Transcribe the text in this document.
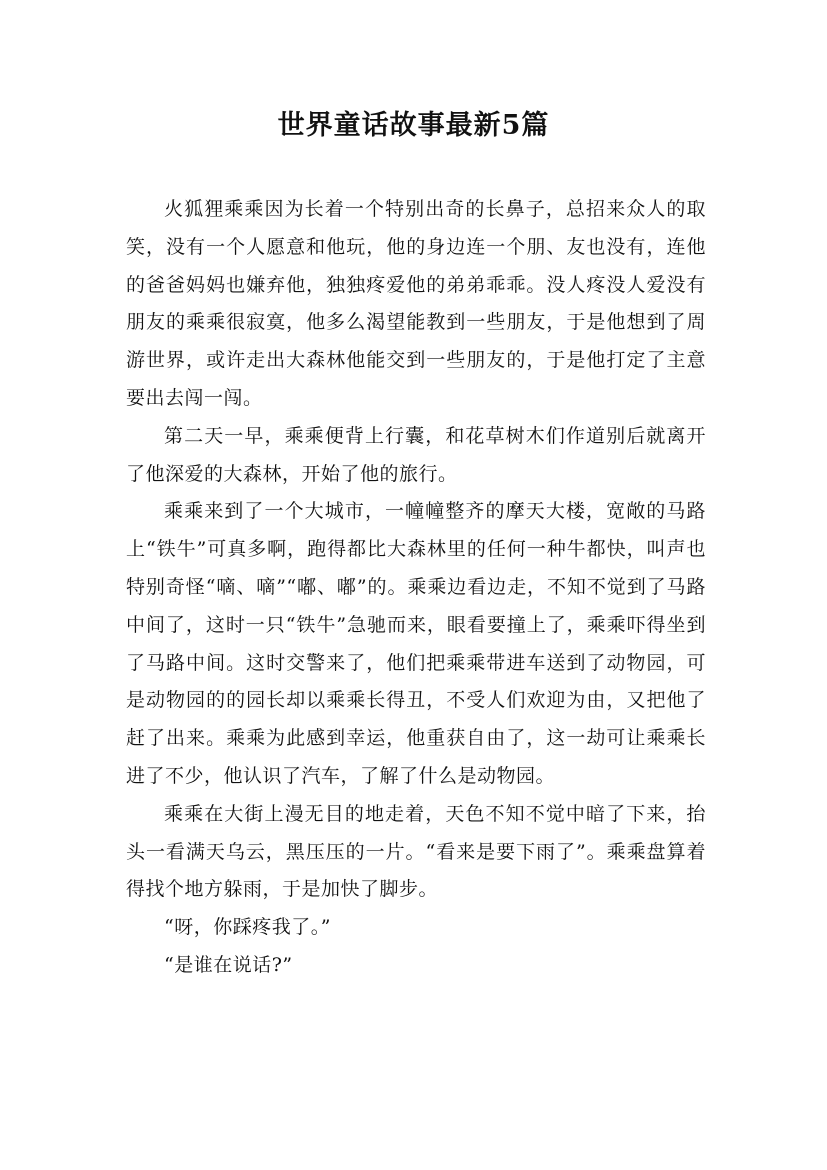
世界童话故事最新5篇

火狐狸乘乘因为长着一个特别出奇的长鼻子，总招来众人的取笑，没有一个人愿意和他玩，他的身边连一个朋、友也没有，连他的爸爸妈妈也嫌弃他，独独疼爱他的弟弟乖乖。没人疼没人爱没有朋友的乘乘很寂寞，他多么渴望能教到一些朋友，于是他想到了周游世界，或许走出大森林他能交到一些朋友的，于是他打定了主意要出去闯一闯。

第二天一早，乘乘便背上行囊，和花草树木们作道别后就离开了他深爱的大森林，开始了他的旅行。

乘乘来到了一个大城市，一幢幢整齐的摩天大楼，宽敞的马路上“铁牛”可真多啊，跑得都比大森林里的任何一种牛都快，叫声也特别奇怪“嘀、嘀”“嘟、嘟”的。乘乘边看边走，不知不觉到了马路中间了，这时一只“铁牛”急驰而来，眼看要撞上了，乘乘吓得坐到了马路中间。这时交警来了，他们把乘乘带进车送到了动物园，可是动物园的的园长却以乘乘长得丑，不受人们欢迎为由，又把他了赶了出来。乘乘为此感到幸运，他重获自由了，这一劫可让乘乘长进了不少，他认识了汽车，了解了什么是动物园。

乘乘在大街上漫无目的地走着，天色不知不觉中暗了下来，抬头一看满天乌云，黑压压的一片。“看来是要下雨了”。乘乘盘算着得找个地方躲雨，于是加快了脚步。

“呀，你踩疼我了。”

“是谁在说话?”
